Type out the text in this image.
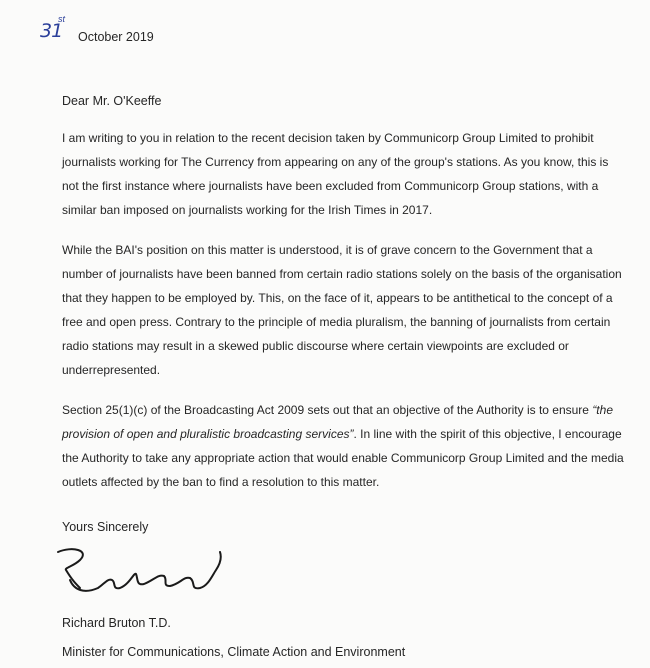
31
st
October 2019
Dear Mr. O'Keeffe

I am writing to you in relation to the recent decision taken by Communicorp Group Limited to prohibit journalists working for The Currency from appearing on any of the group's stations. As you know, this is not the first instance where journalists have been excluded from Communicorp Group stations, with a similar ban imposed on journalists working for the Irish Times in 2017.

While the BAI's position on this matter is understood, it is of grave concern to the Government that a number of journalists have been banned from certain radio stations solely on the basis of the organisation that they happen to be employed by. This, on the face of it, appears to be antithetical to the concept of a free and open press. Contrary to the principle of media pluralism, the banning of journalists from certain radio stations may result in a skewed public discourse where certain viewpoints are excluded or underrepresented.

Section 25(1)(c) of the Broadcasting Act 2009 sets out that an objective of the Authority is to ensure “the provision of open and pluralistic broadcasting services”. In line with the spirit of this objective, I encourage the Authority to take any appropriate action that would enable Communicorp Group Limited and the media outlets affected by the ban to find a resolution to this matter.

Yours Sincerely
Richard Bruton T.D.
Minister for Communications, Climate Action and Environment
